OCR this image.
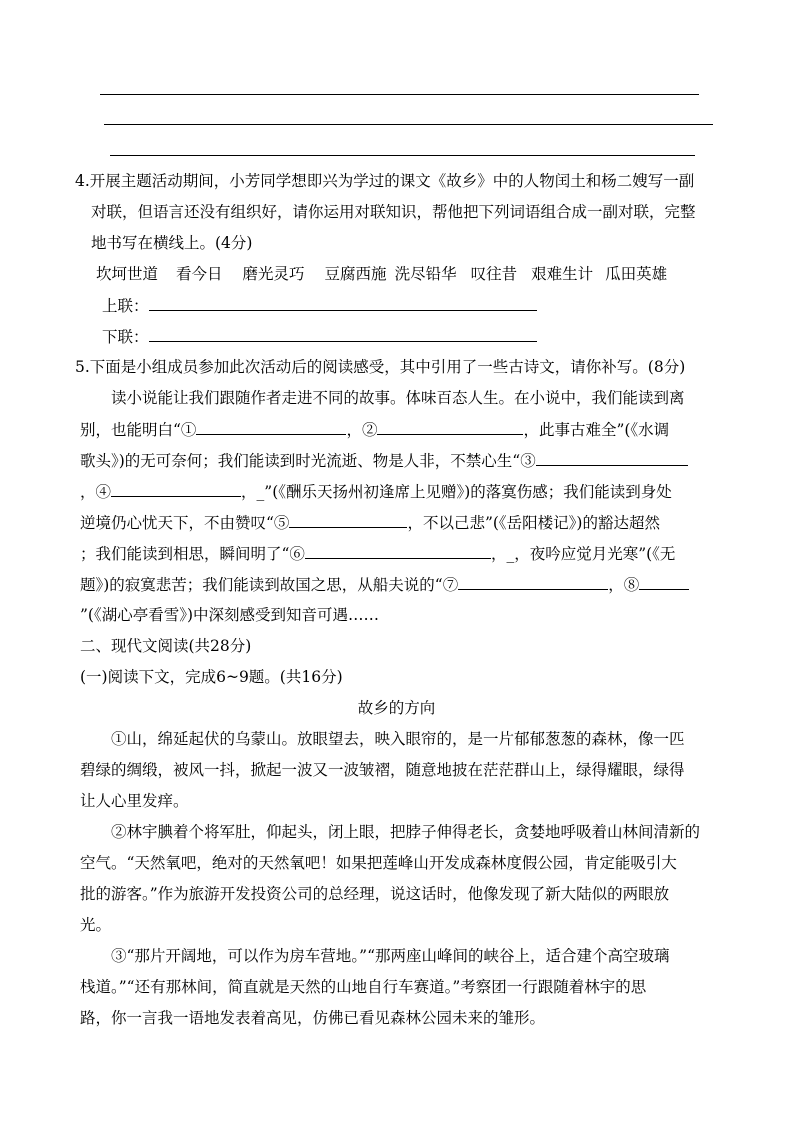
4.开展主题活动期间，小芳同学想即兴为学过的课文《故乡》中的人物闰土和杨二嫂写一副
对联，但语言还没有组织好，请你运用对联知识，帮他把下列词语组合成一副对联，完整
地书写在横线上。(4分)
坎坷世道 看今日 磨光灵巧 豆腐西施 洗尽铅华 叹往昔 艰难生计 瓜田英雄
上联：
下联：
5.下面是小组成员参加此次活动后的阅读感受，其中引用了一些古诗文，请你补写。(8分)
读小说能让我们跟随作者走进不同的故事。体味百态人生。在小说中，我们能读到离
别，也能明白“①	，②	，此事古难全”(《水调
歌头》)的无可奈何；我们能读到时光流逝、物是人非，不禁心生“③
，④	，_”(《酬乐天扬州初逢席上见赠》)的落寞伤感；我们能读到身处
逆境仍心忧天下，不由赞叹“⑤	，不以己悲”(《岳阳楼记》)的豁达超然
；我们能读到相思，瞬间明了“⑥	，_，夜吟应觉月光寒”(《无
题》)的寂寞悲苦；我们能读到故国之思，从船夫说的“⑦	，⑧
”(《湖心亭看雪》)中深刻感受到知音可遇……
二、现代文阅读(共28分)
(一)阅读下文，完成6~9题。(共16分)
故乡的方向
①山，绵延起伏的乌蒙山。放眼望去，映入眼帘的，是一片郁郁葱葱的森林，像一匹
碧绿的绸缎，被风一抖，掀起一波又一波皱褶，随意地披在茫茫群山上，绿得耀眼，绿得
让人心里发痒。
②林宇腆着个将军肚，仰起头，闭上眼，把脖子伸得老长，贪婪地呼吸着山林间清新的
空气。“天然氧吧，绝对的天然氧吧！如果把莲峰山开发成森林度假公园，肯定能吸引大
批的游客。”作为旅游开发投资公司的总经理，说这话时，他像发现了新大陆似的两眼放
光。
③“那片开阔地，可以作为房车营地。”“那两座山峰间的峡谷上，适合建个高空玻璃
栈道。”“还有那林间，简直就是天然的山地自行车赛道。”考察团一行跟随着林宇的思
路，你一言我一语地发表着高见，仿佛已看见森林公园未来的雏形。
